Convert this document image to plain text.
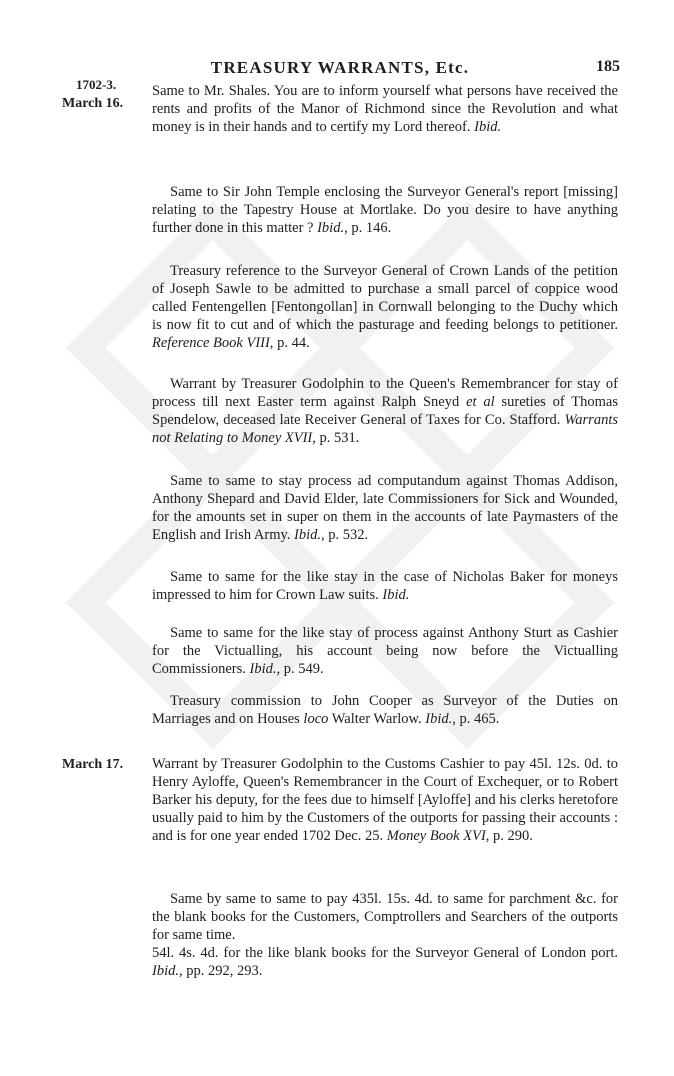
TREASURY WARRANTS, Etc.	185
1702-3.
March 16.
March 17.

Same to Mr. Shales. You are to inform yourself what persons have received the rents and profits of the Manor of Richmond since the Revolution and what money is in their hands and to certify my Lord thereof. Ibid.

Same to Sir John Temple enclosing the Surveyor General's report [missing] relating to the Tapestry House at Mortlake. Do you desire to have anything further done in this matter ? Ibid., p. 146.

Treasury reference to the Surveyor General of Crown Lands of the petition of Joseph Sawle to be admitted to purchase a small parcel of coppice wood called Fentengellen [Fentongollan] in Cornwall belonging to the Duchy which is now fit to cut and of which the pasturage and feeding belongs to petitioner. Reference Book VIII, p. 44.

Warrant by Treasurer Godolphin to the Queen's Remembrancer for stay of process till next Easter term against Ralph Sneyd et al sureties of Thomas Spendelow, deceased late Receiver General of Taxes for Co. Stafford. Warrants not Relating to Money XVII, p. 531.

Same to same to stay process ad computandum against Thomas Addison, Anthony Shepard and David Elder, late Commissioners for Sick and Wounded, for the amounts set in super on them in the accounts of late Paymasters of the English and Irish Army. Ibid., p. 532.

Same to same for the like stay in the case of Nicholas Baker for moneys impressed to him for Crown Law suits. Ibid.

Same to same for the like stay of process against Anthony Sturt as Cashier for the Victualling, his account being now before the Victualling Commissioners. Ibid., p. 549.

Treasury commission to John Cooper as Surveyor of the Duties on Marriages and on Houses loco Walter Warlow. Ibid., p. 465.

Warrant by Treasurer Godolphin to the Customs Cashier to pay 45l. 12s. 0d. to Henry Ayloffe, Queen's Remembrancer in the Court of Exchequer, or to Robert Barker his deputy, for the fees due to himself [Ayloffe] and his clerks heretofore usually paid to him by the Customers of the outports for passing their accounts : and is for one year ended 1702 Dec. 25. Money Book XVI, p. 290.

Same by same to same to pay 435l. 15s. 4d. to same for parchment &c. for the blank books for the Customers, Comptrollers and Searchers of the outports for same time.

54l. 4s. 4d. for the like blank books for the Surveyor General of London port. Ibid., pp. 292, 293.
